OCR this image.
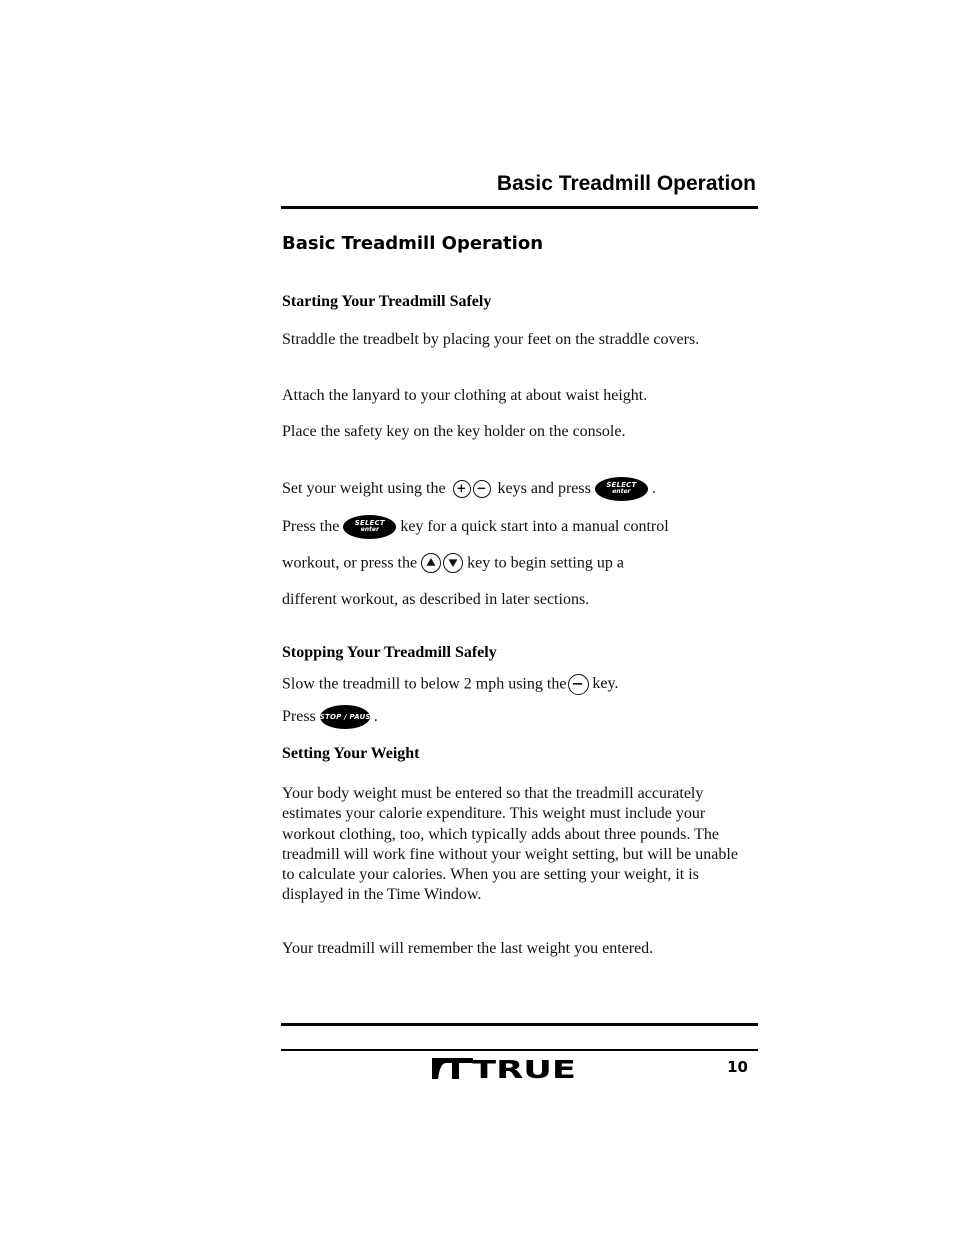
Basic Treadmill Operation
Basic Treadmill Operation
Starting Your Treadmill Safely
Straddle the treadbelt by placing your feet on the straddle covers.
Attach the lanyard to your clothing at about waist height.
Place the safety key on the key holder on the console.
Set your weight using the	keys and press	SELECT
enter	.
Press the	SELECT
enter	key for a quick start into a manual control
workout, or press the	key to begin setting up a
different workout, as described in later sections.
Stopping Your Treadmill Safely
Slow the treadmill to below 2 mph using the key.
Press STOP / PAUSE
.
Setting Your Weight
Your body weight must be entered so that the treadmill accurately estimates your calorie expenditure. This weight must include your workout clothing, too, which typically adds about three pounds. The treadmill will work fine without your weight setting, but will be unable to calculate your calories. When you are setting your weight, it is displayed in the Time Window.
Your treadmill will remember the last weight you entered.
TRUE	10
